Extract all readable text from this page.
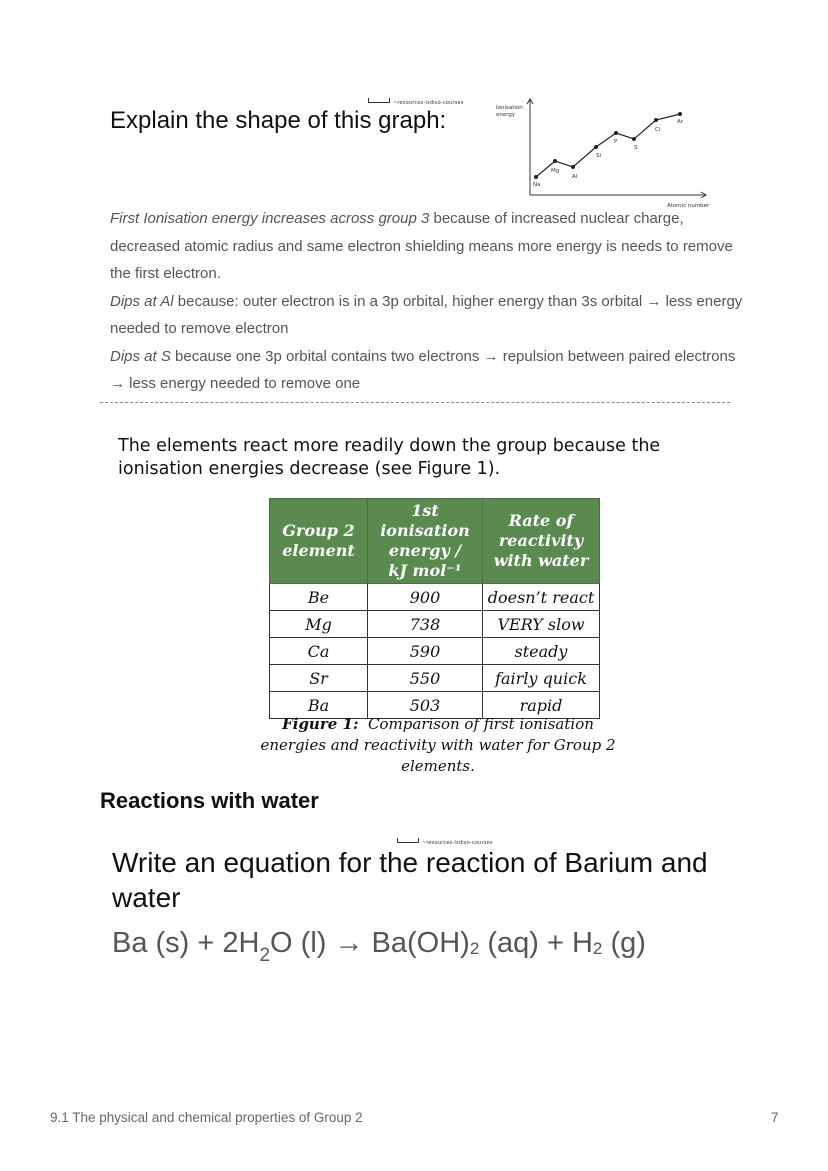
~resources-lsdiso-courses
Explain the shape of this graph:	Ionisation
energy
Atomic number
Na
Mg
Al
Si
P
S
Cl
Ar

First Ionisation energy increases across group 3 because of increased nuclear charge, decreased atomic radius and same electron shielding means more energy is needs to remove the first electron.

Dips at Al because: outer electron is in a 3p orbital, higher energy than 3s orbital → less energy needed to remove electron

Dips at S because one 3p orbital contains two electrons → repulsion between paired electrons → less energy needed to remove one

The elements react more readily down the group because the ionisation energies decrease (see Figure 1).
Group 2 element	1st ionisation
energy /
kJ mol⁻¹	Rate of reactivity with water
Be	900	doesn’t react
Mg	738	VERY slow
Ca	590	steady
Sr	550	fairly quick
Ba	503	rapid
Figure 1: Comparison of first ionisation energies and reactivity with water for Group 2 elements.
Reactions with water
~resources-lsdiso-courses
Write an equation for the reaction of Barium and water
Ba $(s) + 2H_2O$ (l) → Ba(OH)2 (aq) + H2 (g)
9.1 The physical and chemical properties of Group 2	7
